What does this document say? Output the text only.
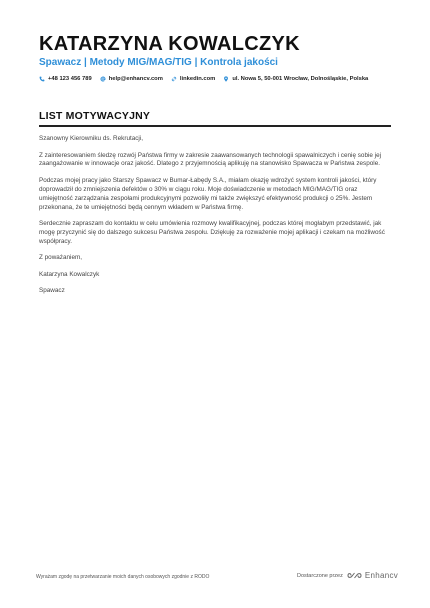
KATARZYNA KOWALCZYK
Spawacz | Metody MIG/MAG/TIG | Kontrola jakości
+48 123 456 789	help@enhancv.com	linkedin.com	ul. Nowa 5, 50-001 Wrocław, Dolnośląskie, Polska
LIST MOTYWACYJNY

Szanowny Kierowniku ds. Rekrutacji,

Z zainteresowaniem śledzę rozwój Państwa firmy w zakresie zaawansowanych technologii spawalniczych i cenię sobie jej zaangażowanie w innowacje oraz jakość. Dlatego z przyjemnością aplikuję na stanowisko Spawacza w Państwa zespole.

Podczas mojej pracy jako Starszy Spawacz w Bumar-Łabędy S.A., miałam okazję wdrożyć system kontroli jakości, który doprowadził do zmniejszenia defektów o 30% w ciągu roku. Moje doświadczenie w metodach MIG/MAG/TIG oraz umiejętność zarządzania zespołami produkcyjnymi pozwoliły mi także zwiększyć efektywność produkcji o 25%. Jestem przekonana, że te umiejętności będą cennym wkładem w Państwa firmę.

Serdecznie zapraszam do kontaktu w celu umówienia rozmowy kwalifikacyjnej, podczas której mogłabym przedstawić, jak mogę przyczynić się do dalszego sukcesu Państwa zespołu. Dziękuję za rozważenie mojej aplikacji i czekam na możliwość współpracy.

Z poważaniem,

Katarzyna Kowalczyk

Spawacz

Wyrażam zgodę na przetwarzanie moich danych osobowych zgodnie z RODO	Dostarczone przez	Enhancv
